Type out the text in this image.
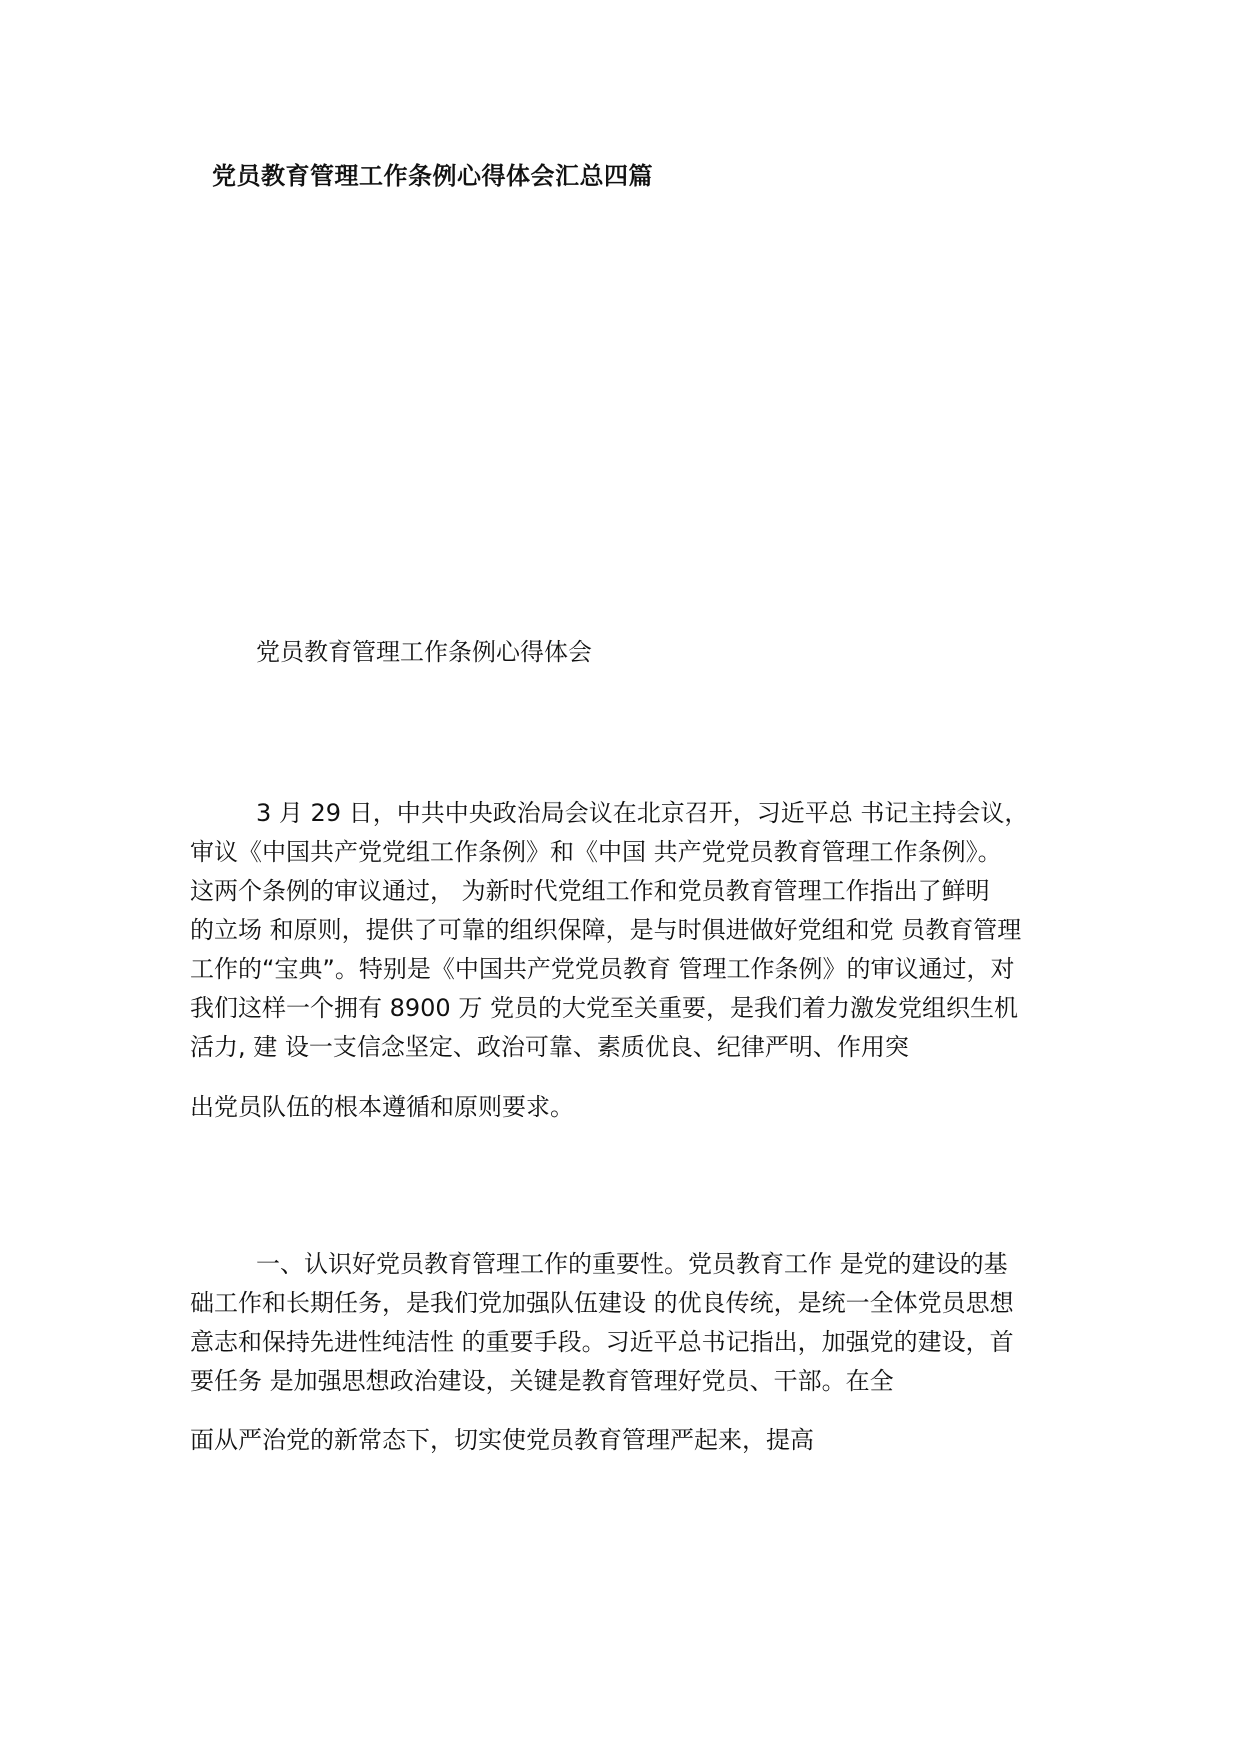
党员教育管理工作条例心得体会汇总四篇
党员教育管理工作条例心得体会
3 月 29 日，中共中央政治局会议在北京召开，习近平总 书记主持会议，
审议《中国共产党党组工作条例》和《中国 共产党党员教育管理工作条例》。
这两个条例的审议通过， 为新时代党组工作和党员教育管理工作指出了鲜明
的立场 和原则，提供了可靠的组织保障，是与时俱进做好党组和党 员教育管理
工作的“宝典”。特别是《中国共产党党员教育 管理工作条例》的审议通过，对
我们这样一个拥有 8900 万 党员的大党至关重要，是我们着力激发党组织生机
活力, 建 设一支信念坚定、政治可靠、素质优良、纪律严明、作用突
出党员队伍的根本遵循和原则要求。
一、认识好党员教育管理工作的重要性。党员教育工作 是党的建设的基
础工作和长期任务，是我们党加强队伍建设 的优良传统，是统一全体党员思想
意志和保持先进性纯洁性 的重要手段。习近平总书记指出，加强党的建设，首
要任务 是加强思想政治建设，关键是教育管理好党员、干部。在全
面从严治党的新常态下，切实使党员教育管理严起来，提高
